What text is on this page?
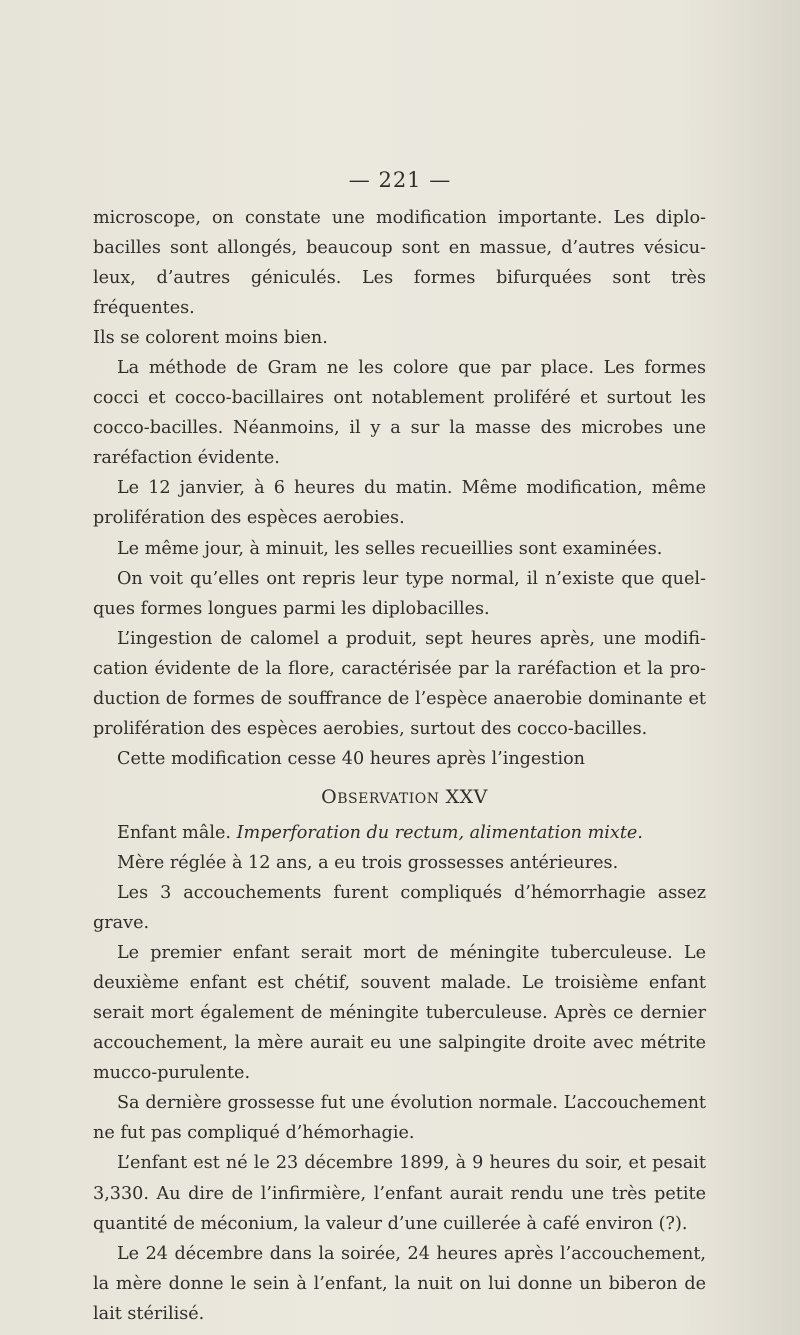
— 221 —

microscope, on constate une modification importante. Les diplo-

bacilles sont allongés, beaucoup sont en massue, d’autres vésicu-

leux, d’autres géniculés. Les formes bifurquées sont très fréquentes.

Ils se colorent moins bien.

La méthode de Gram ne les colore que par place. Les formes

cocci et cocco-bacillaires ont notablement proliféré et surtout les

cocco-bacilles. Néanmoins, il y a sur la masse des microbes une

raréfaction évidente.

Le 12 janvier, à 6 heures du matin. Même modification, même

prolifération des espèces aerobies.

Le même jour, à minuit, les selles recueillies sont examinées.

On voit qu’elles ont repris leur type normal, il n’existe que quel-

ques formes longues parmi les diplobacilles.

L’ingestion de calomel a produit, sept heures après, une modifi-

cation évidente de la flore, caractérisée par la raréfaction et la pro-

duction de formes de souffrance de l’espèce anaerobie dominante et

prolifération des espèces aerobies, surtout des cocco-bacilles.

Cette modification cesse 40 heures après l’ingestion

OBSERVATION XXV

Enfant mâle. Imperforation du rectum, alimentation mixte.

Mère réglée à 12 ans, a eu trois grossesses antérieures.

Les 3 accouchements furent compliqués d’hémorrhagie assez

grave.

Le premier enfant serait mort de méningite tuberculeuse. Le

deuxième enfant est chétif, souvent malade. Le troisième enfant

serait mort également de méningite tuberculeuse. Après ce dernier

accouchement, la mère aurait eu une salpingite droite avec métrite

mucco-purulente.

Sa dernière grossesse fut une évolution normale. L’accouchement

ne fut pas compliqué d’hémorhagie.

L’enfant est né le 23 décembre 1899, à 9 heures du soir, et pesait

3,330. Au dire de l’infirmière, l’enfant aurait rendu une très petite

quantité de méconium, la valeur d’une cuillerée à café environ (?).

Le 24 décembre dans la soirée, 24 heures après l’accouchement,

la mère donne le sein à l’enfant, la nuit on lui donne un biberon de

lait stérilisé.
